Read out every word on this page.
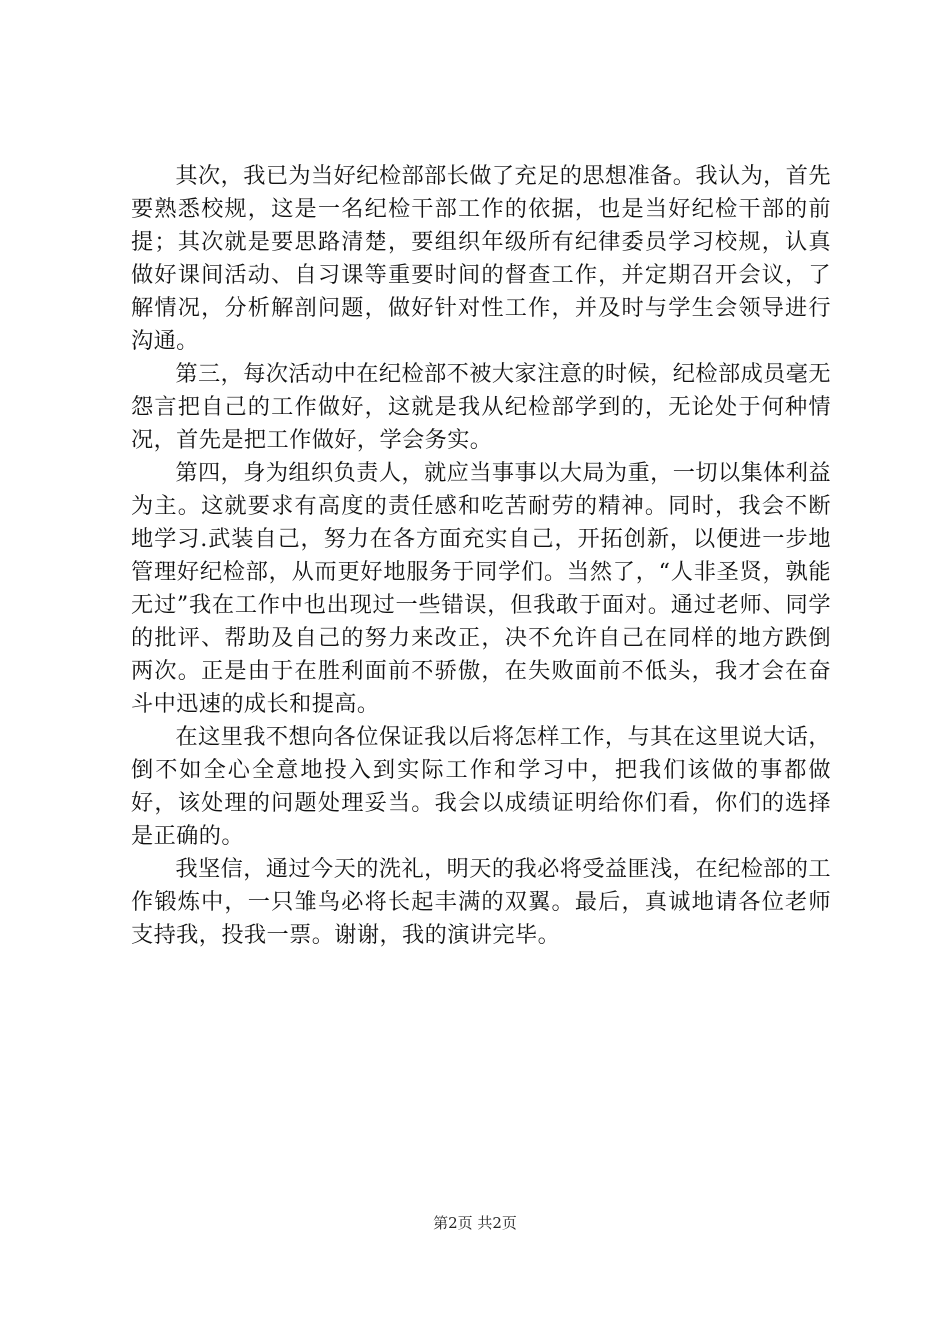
其次，我已为当好纪检部部长做了充足的思想准备。我认为，首先要熟悉校规，这是一名纪检干部工作的依据，也是当好纪检干部的前提；其次就是要思路清楚，要组织年级所有纪律委员学习校规，认真做好课间活动、自习课等重要时间的督查工作，并定期召开会议，了解情况，分析解剖问题，做好针对性工作，并及时与学生会领导进行沟通。

第三，每次活动中在纪检部不被大家注意的时候，纪检部成员毫无怨言把自己的工作做好，这就是我从纪检部学到的，无论处于何种情况，首先是把工作做好，学会务实。

第四，身为组织负责人，就应当事事以大局为重，一切以集体利益为主。这就要求有高度的责任感和吃苦耐劳的精神。同时，我会不断地学习.武装自己，努力在各方面充实自己，开拓创新，以便进一步地管理好纪检部，从而更好地服务于同学们。当然了，“人非圣贤，孰能无过”我在工作中也出现过一些错误，但我敢于面对。通过老师、同学的批评、帮助及自己的努力来改正，决不允许自己在同样的地方跌倒两次。正是由于在胜利面前不骄傲，在失败面前不低头，我才会在奋斗中迅速的成长和提高。

在这里我不想向各位保证我以后将怎样工作，与其在这里说大话，倒不如全心全意地投入到实际工作和学习中，把我们该做的事都做好，该处理的问题处理妥当。我会以成绩证明给你们看，你们的选择是正确的。

我坚信，通过今天的洗礼，明天的我必将受益匪浅，在纪检部的工作锻炼中，一只雏鸟必将长起丰满的双翼。最后，真诚地请各位老师支持我，投我一票。谢谢，我的演讲完毕。

第2页 共2页
